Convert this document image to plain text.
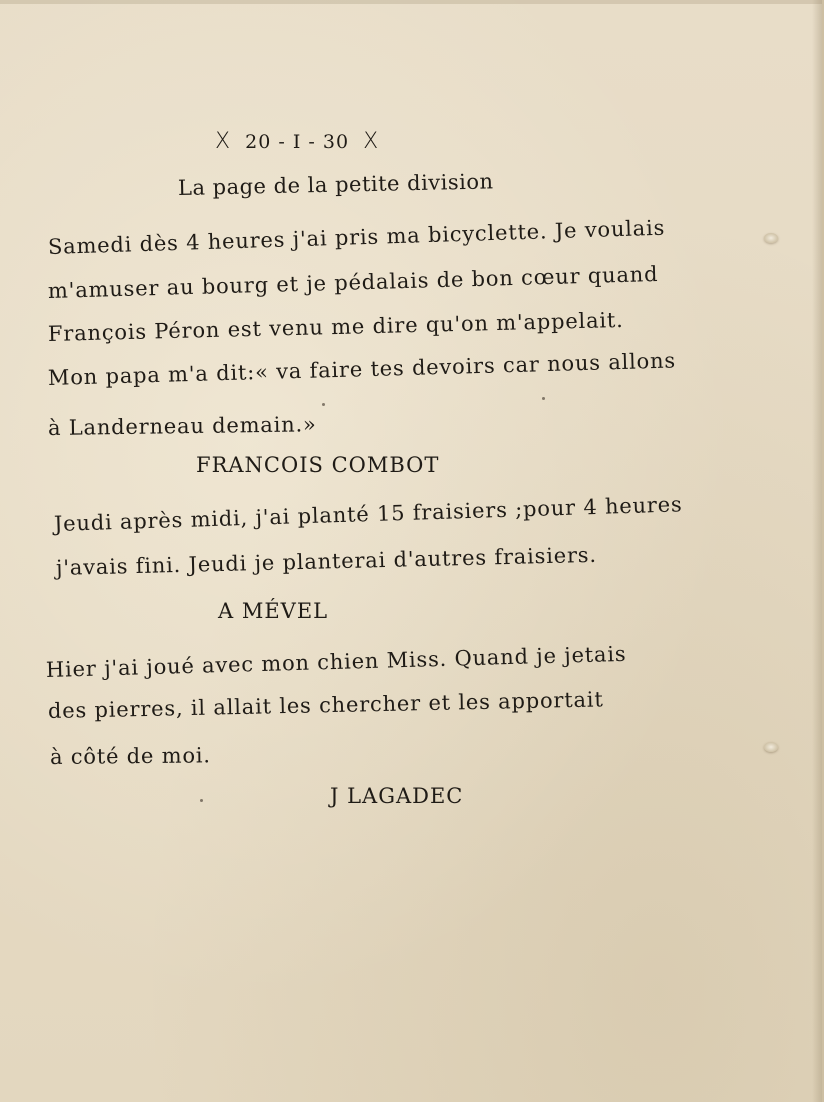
X 20 - I - 30 X
La page de la petite division
Samedi dès 4 heures j'ai pris ma bicyclette. Je voulais
m'amuser au bourg et je pédalais de bon cœur quand
François Péron est venu me dire qu'on m'appelait.
Mon papa m'a dit:« va faire tes devoirs car nous allons
à Landerneau demain.»
FRANCOIS COMBOT
Jeudi après midi, j'ai planté 15 fraisiers ;pour 4 heures
j'avais fini. Jeudi je planterai d'autres fraisiers.
A MÉVEL
Hier j'ai joué avec mon chien Miss. Quand je jetais
des pierres, il allait les chercher et les apportait
à côté de moi.
J LAGADEC
